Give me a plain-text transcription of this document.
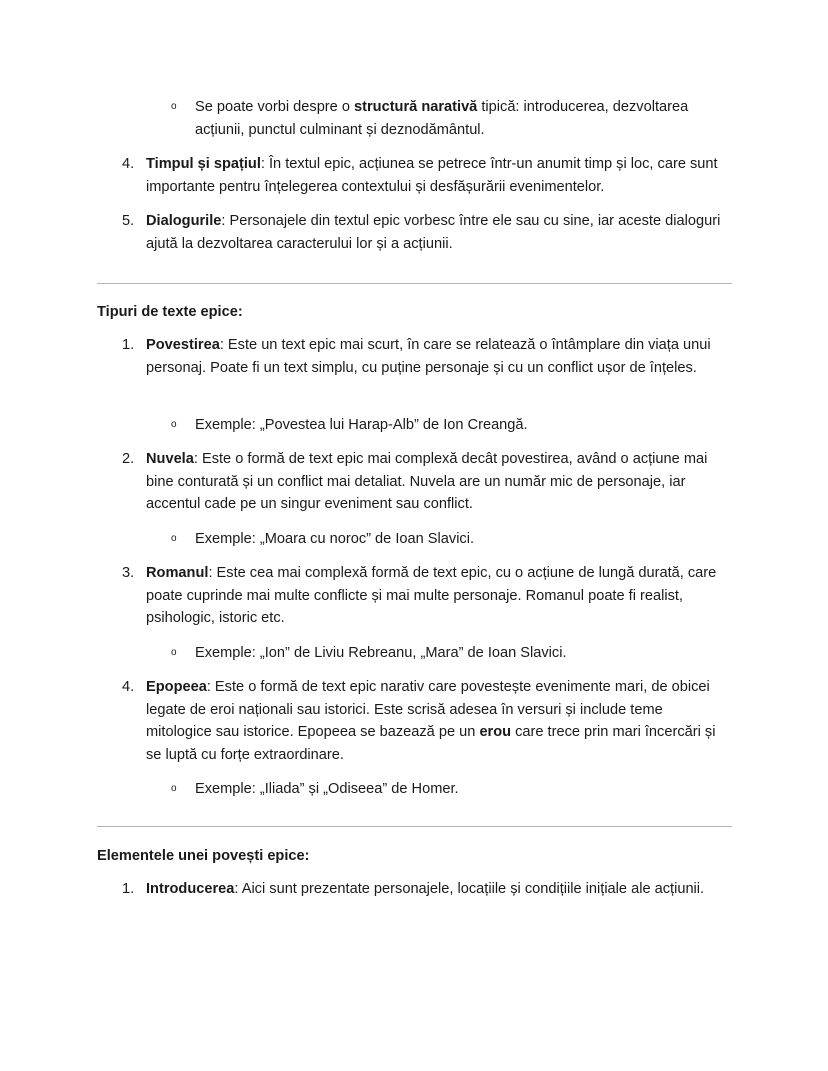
o Se poate vorbi despre o structură narativă tipică: introducerea, dezvoltarea acțiunii, punctul culminant și deznodământul.
4. Timpul și spațiul: În textul epic, acțiunea se petrece într-un anumit timp și loc, care sunt importante pentru înțelegerea contextului și desfășurării evenimentelor.
5. Dialogurile: Personajele din textul epic vorbesc între ele sau cu sine, iar aceste dialoguri ajută la dezvoltarea caracterului lor și a acțiunii.
Tipuri de texte epice:
1. Povestirea: Este un text epic mai scurt, în care se relatează o întâmplare din viața unui personaj. Poate fi un text simplu, cu puține personaje și cu un conflict ușor de înțeles.
o Exemple: „Povestea lui Harap-Alb” de Ion Creangă.
2. Nuvela: Este o formă de text epic mai complexă decât povestirea, având o acțiune mai bine conturată și un conflict mai detaliat. Nuvela are un număr mic de personaje, iar accentul cade pe un singur eveniment sau conflict.
o Exemple: „Moara cu noroc” de Ioan Slavici.
3. Romanul: Este cea mai complexă formă de text epic, cu o acțiune de lungă durată, care poate cuprinde mai multe conflicte și mai multe personaje. Romanul poate fi realist, psihologic, istoric etc.
o Exemple: „Ion” de Liviu Rebreanu, „Mara” de Ioan Slavici.
4. Epopeea: Este o formă de text epic narativ care povestește evenimente mari, de obicei legate de eroi naționali sau istorici. Este scrisă adesea în versuri și include teme mitologice sau istorice. Epopeea se bazează pe un erou care trece prin mari încercări și se luptă cu forțe extraordinare.
o Exemple: „Iliada” și „Odiseea” de Homer.
Elementele unei povești epice:
1. Introducerea: Aici sunt prezentate personajele, locațiile și condițiile inițiale ale acțiunii.
